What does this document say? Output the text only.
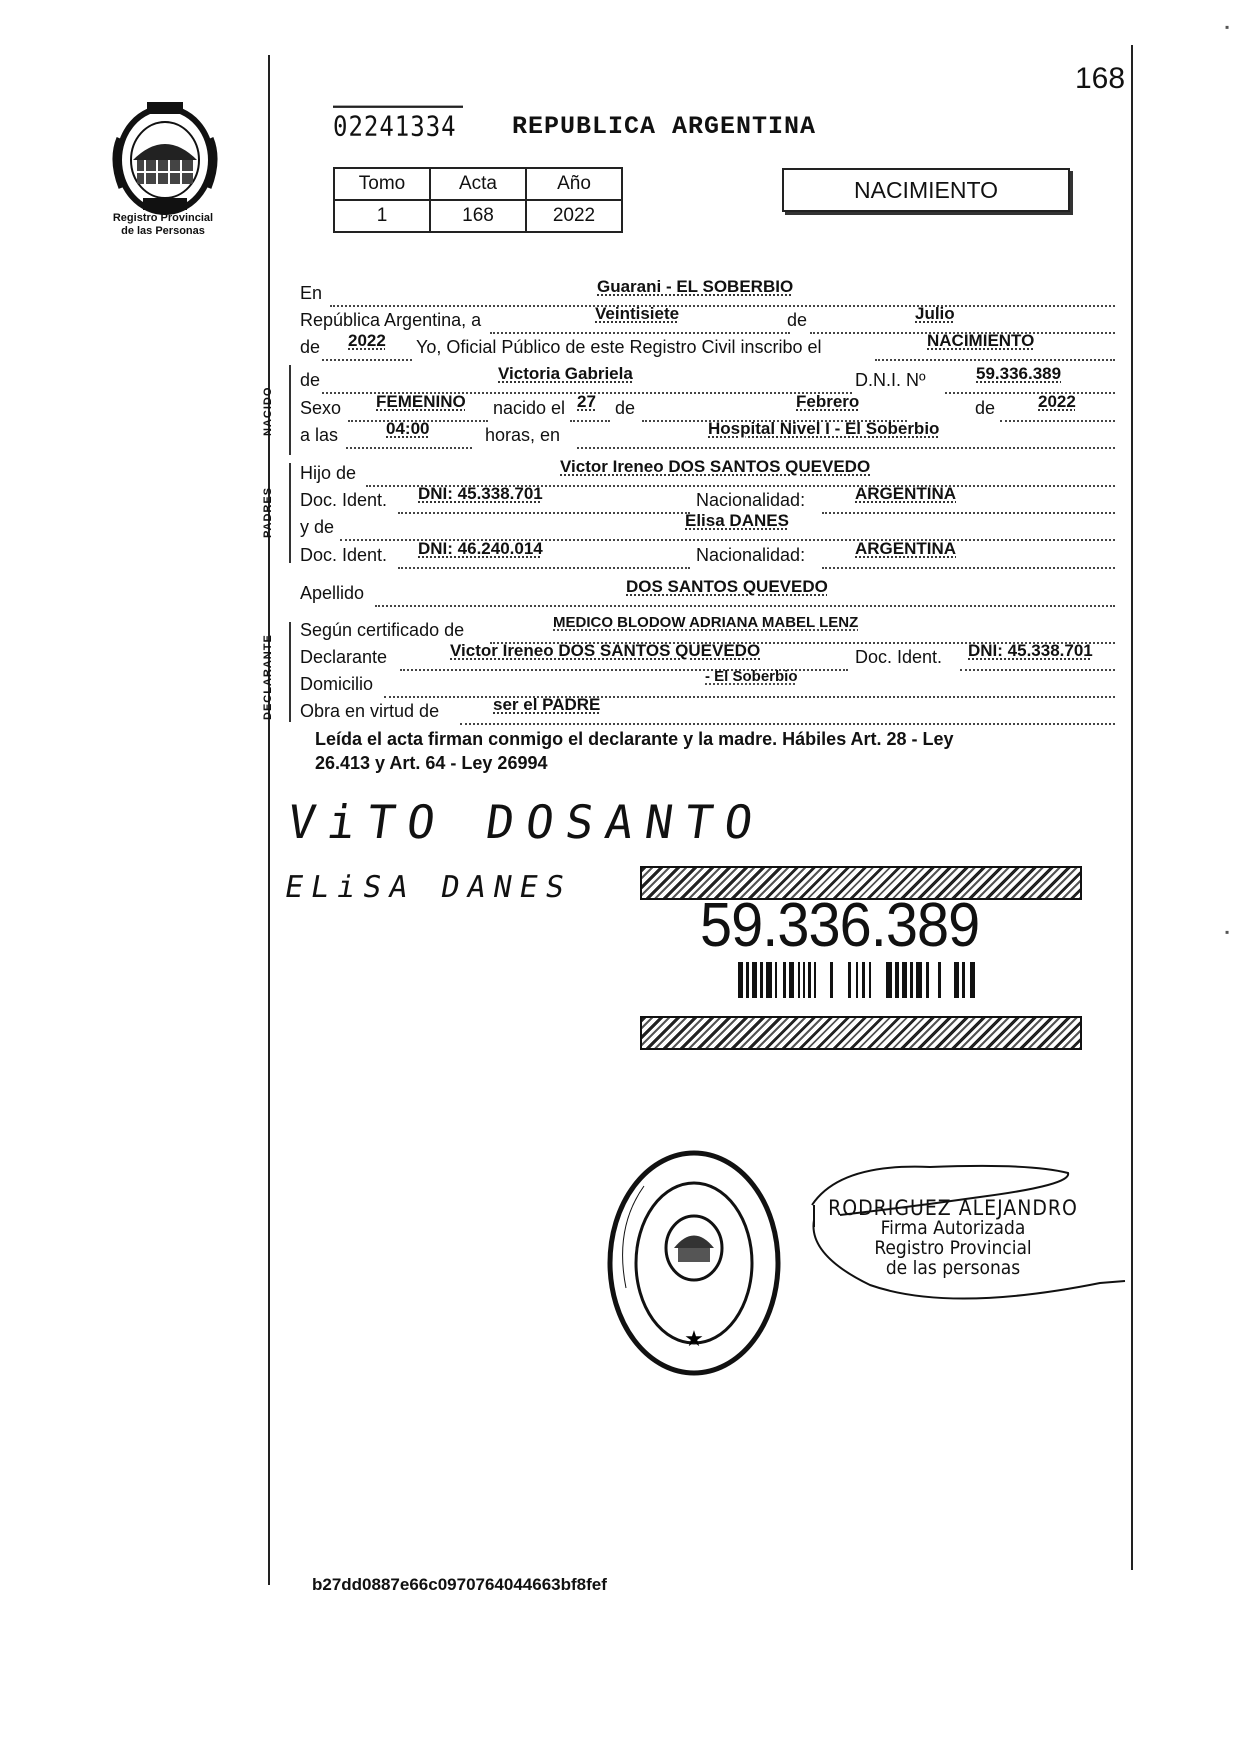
▪
▪
168
Registro Provincial
de las Personas
02241334 REPUBLICA ARGENTINA
Tomo	Acta	Año
1	168	2022
NACIMIENTO
NACIDO
PADRES
DECLARANTE
En	Guarani - EL SOBERBIO
República Argentina, a	Veintisiete	de	Julio
de 2022 Yo, Oficial Público de este Registro Civil inscribo el	NACIMIENTO
de	Victoria Gabriela	D.N.I. Nº	59.336.389
Sexo FEMENINO nacido el 27 de	Febrero	de	2022
a las	04:00	horas, en	Hospital Nivel I - El Soberbio
Hijo de	Victor Ireneo DOS SANTOS QUEVEDO
Doc. Ident. DNI: 45.338.701	Nacionalidad:	ARGENTINA
y de	Elisa DANES
Doc. Ident. DNI: 46.240.014	Nacionalidad:	ARGENTINA
Apellido	DOS SANTOS QUEVEDO
Según certificado de	MEDICO BLODOW ADRIANA MABEL LENZ
Declarante	Victor Ireneo DOS SANTOS QUEVEDO	Doc. Ident. DNI: 45.338.701
Domicilio	- El Soberbio
Obra en virtud de	ser el PADRE
Leída el acta firman conmigo el declarante y la madre. Hábiles Art. 28 - Ley
26.413 y Art. 64 - Ley 26994
ViTO DOSANTO
ELiSA DANES
59.336.389
★
RODRIGUEZ ALEJANDRO
Firma Autorizada
Registro Provincial
de las personas
b27dd0887e66c0970764044663bf8fef
